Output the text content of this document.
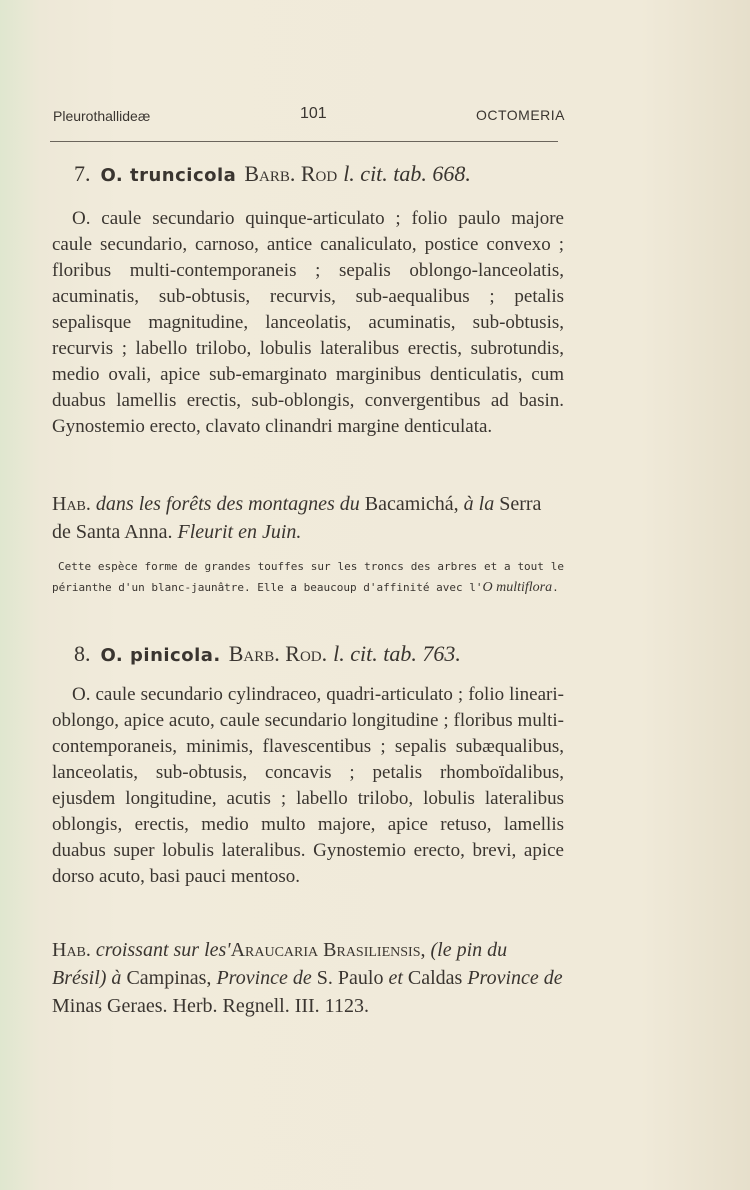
Pleurothallideæ	101	OCTOMERIA

7. O. truncicola Barb. Rod l. cit. tab. 668.

O. caule secundario quinque-articulato ; folio paulo majore caule secundario, carnoso, antice canaliculato, postice convexo ; floribus multi-contemporaneis ; sepalis oblongo-lanceolatis, acuminatis, sub-obtusis, recurvis, sub-aequalibus ; petalis sepalisque magnitudine, lanceolatis, acuminatis, sub-obtusis, recurvis ; labello trilobo, lobulis lateralibus erectis, subrotundis, medio ovali, apice sub-emarginato marginibus denticulatis, cum duabus lamellis erectis, sub-oblongis, convergentibus ad basin. Gynostemio erecto, clavato clinandri margine denticulata.

Hab. dans les forêts des montagnes du Bacamichá, à la Serra de Santa Anna. Fleurit en Juin.

Cette espèce forme de grandes touffes sur les troncs des arbres et a tout le périanthe d'un blanc-jaunâtre. Elle a beaucoup d'affinité avec l'O multiflora.

8. O. pinicola. Barb. Rod. l. cit. tab. 763.

O. caule secundario cylindraceo, quadri-articulato ; folio lineari-oblongo, apice acuto, caule secundario longitudine ; floribus multi-contemporaneis, minimis, flavescentibus ; sepalis subæqualibus, lanceolatis, sub-obtusis, concavis ; petalis rhomboïdalibus, ejusdem longitudine, acutis ; labello trilobo, lobulis lateralibus oblongis, erectis, medio multo majore, apice retuso, lamellis duabus super lobulis lateralibus. Gynostemio erecto, brevi, apice dorso acuto, basi pauci mentoso.

Hab. croissant sur les'Araucaria Brasiliensis, (le pin du Brésil) à Campinas, Province de S. Paulo et Caldas Province de Minas Geraes. Herb. Regnell. III. 1123.
